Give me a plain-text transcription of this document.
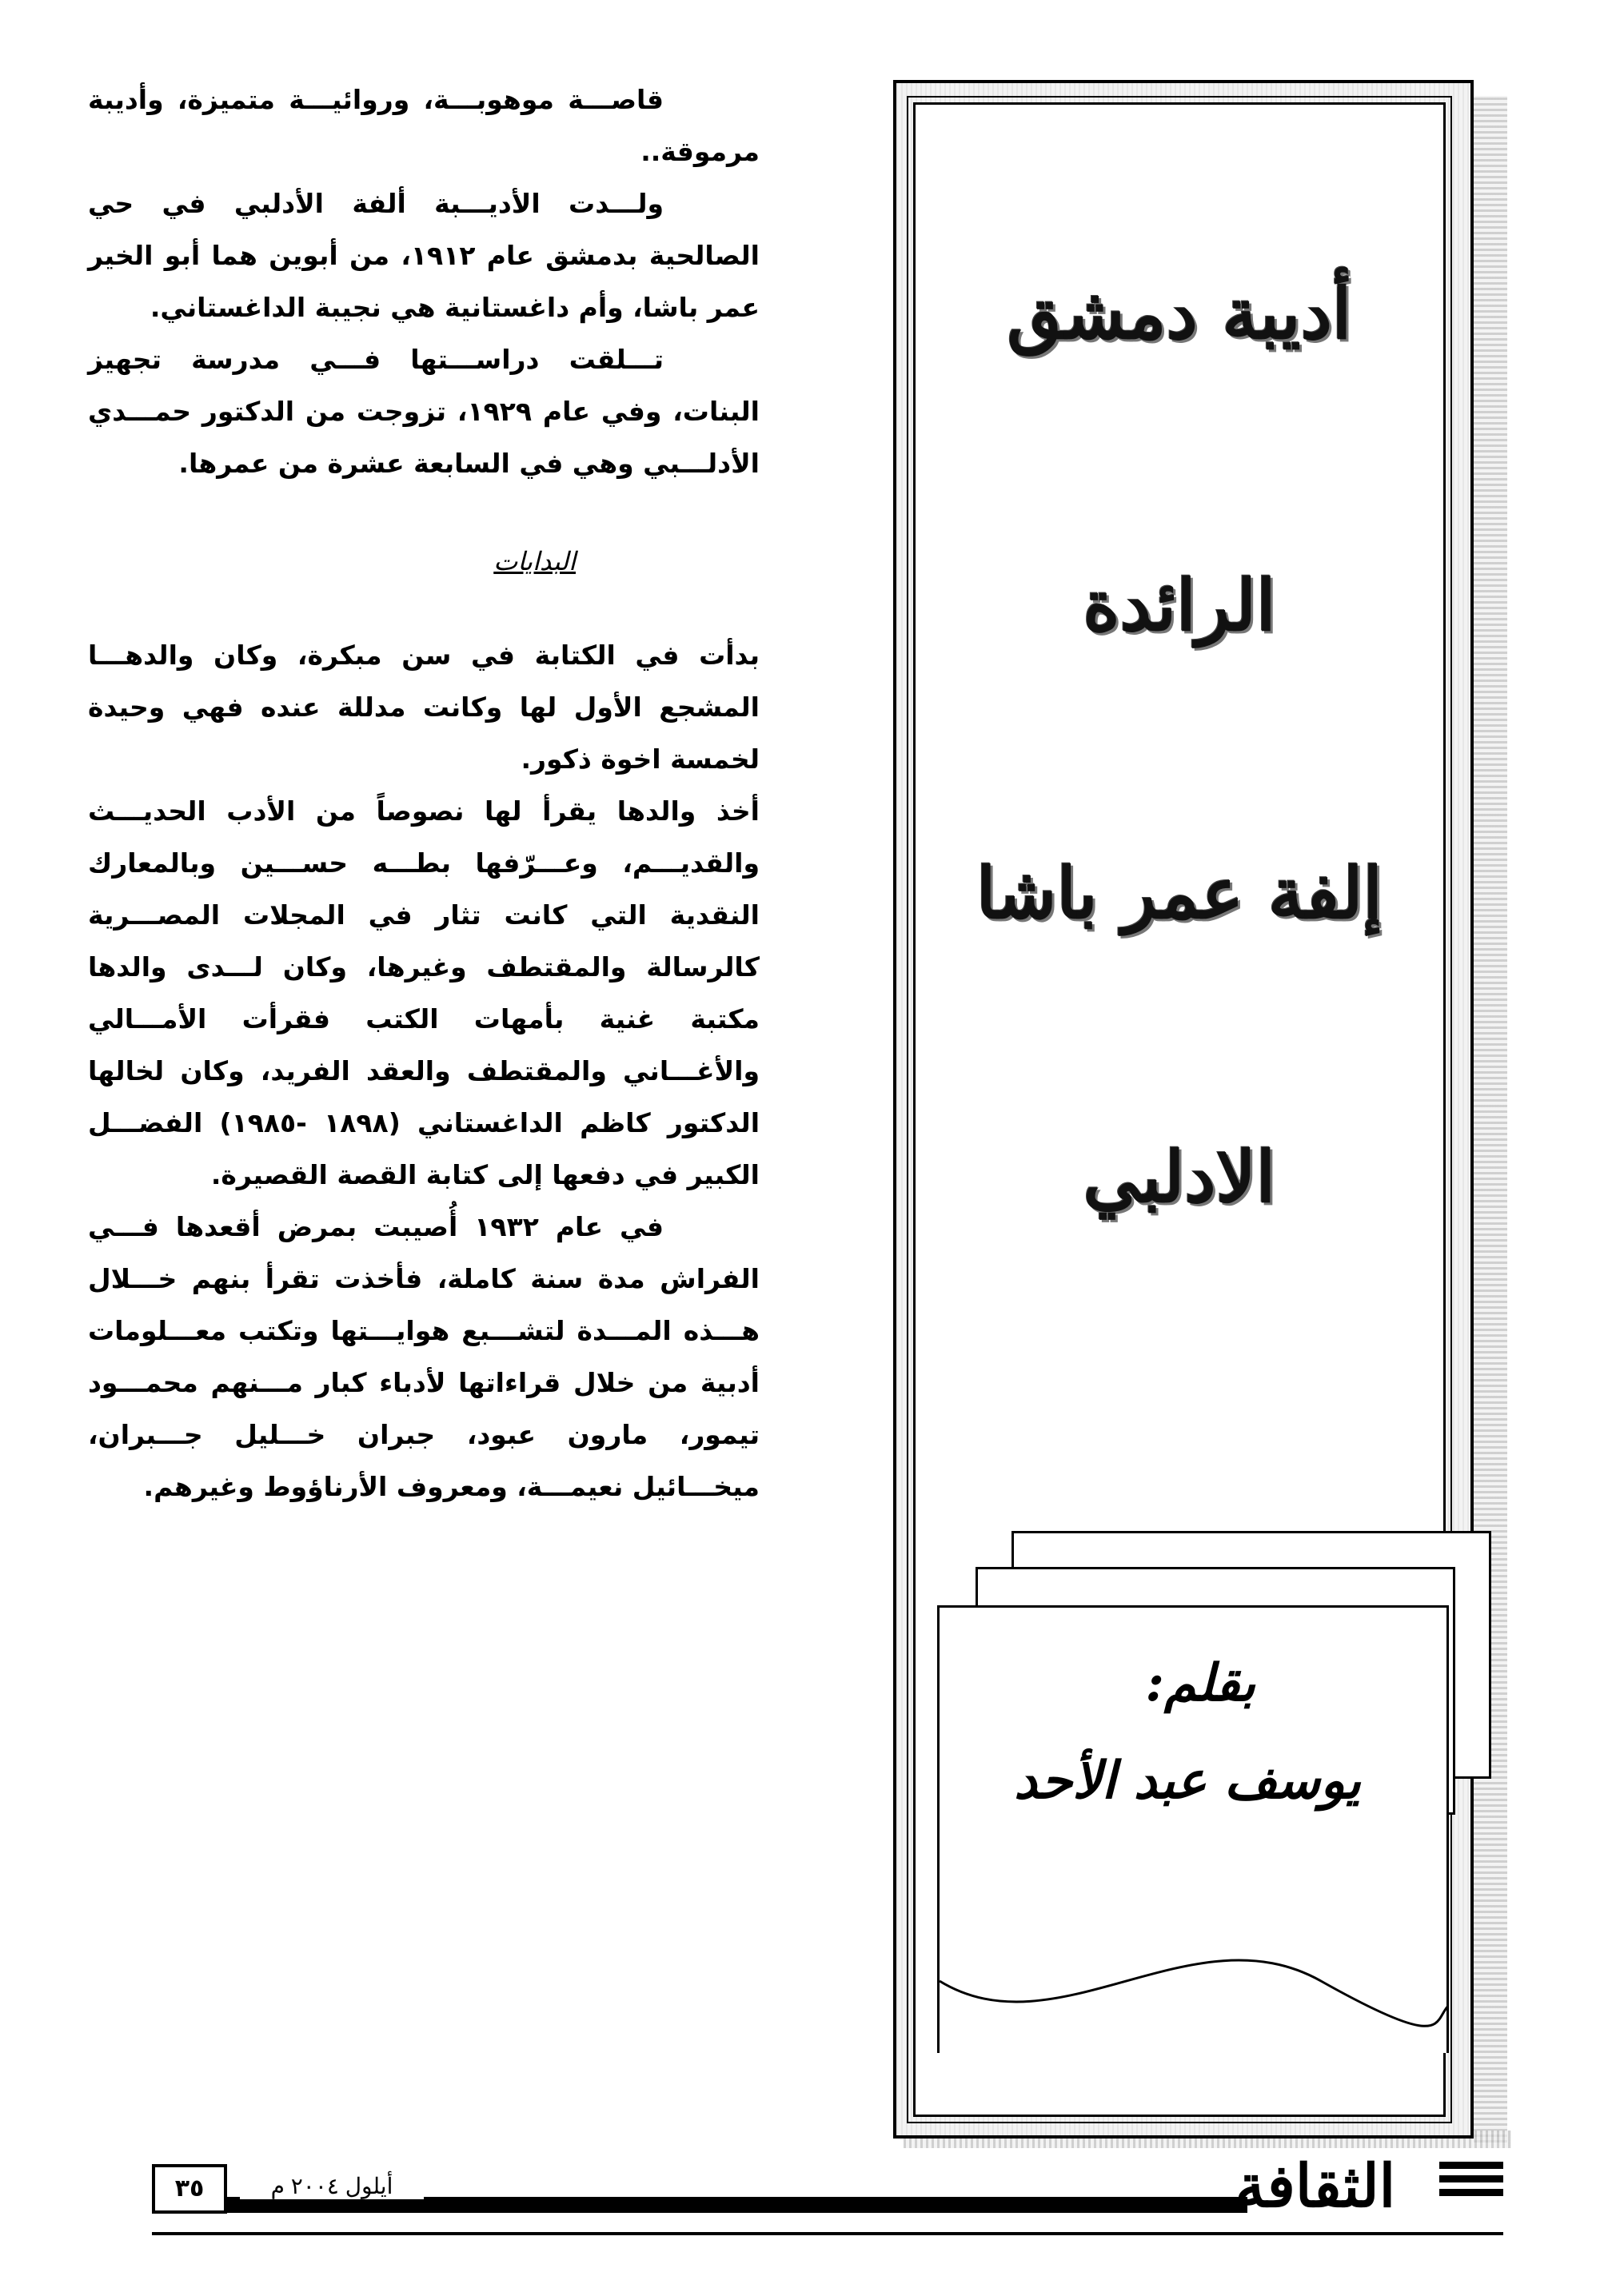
قاصـــة موهوبـــة، وروائيـــة متميزة، وأديبة مرموقة..

ولـــدت الأديـــبة ألفة الأدلبي في حي الصالحية بدمشق عام ١٩١٢، من أبوين هما أبو الخير عمر باشا، وأم داغستانية هي نجيبة الداغستاني.

تـــلقت دراســـتها فـــي مدرسة تجهيز البنات، وفي عام ١٩٢٩، تزوجت من الدكتور حمـــدي الأدلـــبي وهي في السابعة عشرة من عمرها.

البدايات

بدأت في الكتابة في سن مبكرة، وكان والدهـــا المشجع الأول لها وكانت مدللة عنده فهي وحيدة لخمسة اخوة ذكور.

أخذ والدها يقرأ لها نصوصاً من الأدب الحديـــث والقديـــم، وعـــرّفها بطـــه حســـين وبالمعارك النقدية التي كانت تثار في المجلات المصـــرية كالرسالة والمقتطف وغيرها، وكان لـــدى والدها مكتبة غنية بأمهات الكتب فقرأت الأمـــالي والأغـــاني والمقتطف والعقد الفريد، وكان لخالها الدكتور كاظم الداغستاني (١٨٩٨ -١٩٨٥) الفضـــل الكبير في دفعها إلى كتابة القصة القصيرة.

في عام ١٩٣٢ أُصيبت بمرض أقعدها فـــي الفراش مدة سنة كاملة، فأخذت تقرأ بنهم خـــلال هـــذه المـــدة لتشـــبع هوايـــتها وتكتب معـــلومات أدبية من خلال قراءاتها لأدباء كبار مـــنهم محمـــود تيمور، مارون عبود، جبران خـــليل جـــبران، ميخـــائيل نعيمـــة، ومعروف الأرناؤوط وغيرهم.

أديبة دمشق
الرائدة
إلفة عمر باشا
الادلبي
بقلم:
يوسف عبد الأحد
الثقافة
أيلول ٢٠٠٤ م
٣٥
